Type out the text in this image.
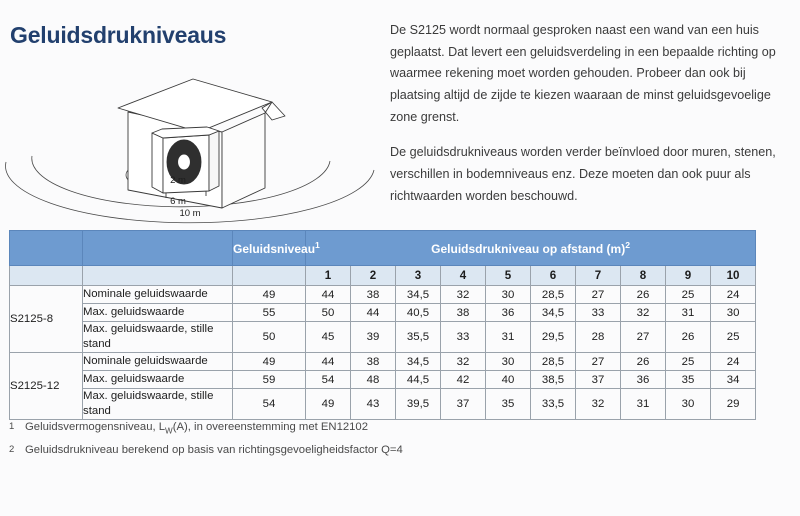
Geluidsdrukniveaus
2 m
6 m
10 m

De S2125 wordt normaal gesproken naast een wand van een huis geplaatst. Dat levert een geluidsverdeling in een bepaalde richting op waarmee rekening moet worden gehouden. Probeer dan ook bij plaatsing altijd de zijde te kiezen waaraan de minst geluidsgevoelige zone grenst.

De geluidsdrukniveaus worden verder beïnvloed door muren, stenen, verschillen in bodemniveaus enz. Deze moeten dan ook puur als richtwaarden worden beschouwd.

		Geluidsniveau$^1$	Geluidsdrukniveau op afstand $(m)^2$
			1	2	3	4	5	6	7	8	9	10
S2125-8	Nominale geluidswaarde	49	44	38	34,5	32	30	28,5	27	26	25	24
	Max. geluidswaarde	55	50	44	40,5	38	36	34,5	33	32	31	30
	Max. geluidswaarde, stille stand	50	45	39	35,5	33	31	29,5	28	27	26	25
S2125-12	Nominale geluidswaarde	49	44	38	34,5	32	30	28,5	27	26	25	24
	Max. geluidswaarde	59	54	48	44,5	42	40	38,5	37	36	35	34
	Max. geluidswaarde, stille stand	54	49	43	39,5	37	35	33,5	32	31	30	29
1 Geluidsvermogensniveau, $L_W(A)$, in overeenstemming met EN12102
2 Geluidsdrukniveau berekend op basis van richtingsgevoeligheidsfactor Q=4
